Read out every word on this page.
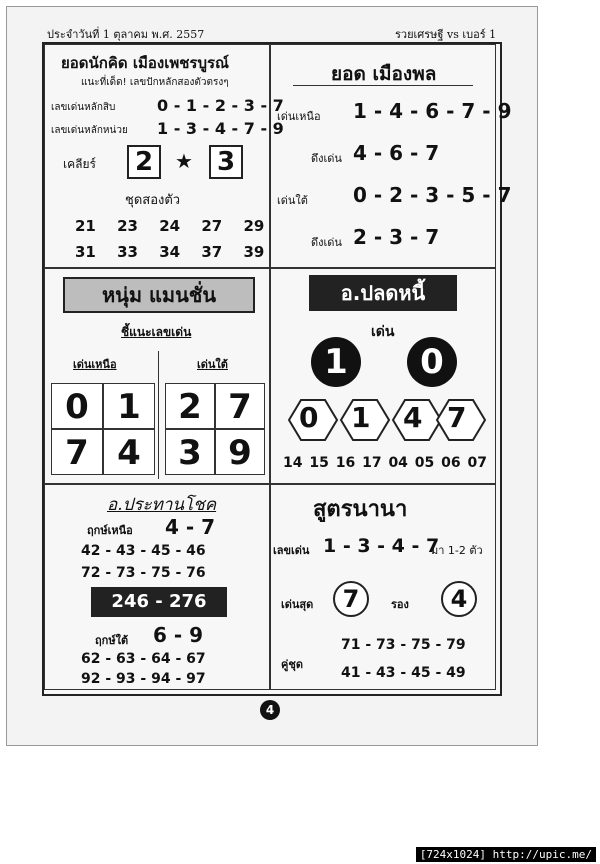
ประจำวันที่ 1 ตุลาคม พ.ศ. 2557	รวยเศรษฐี vs เบอร์ 1
ยอดนักคิด เมืองเพชรบูรณ์
แนะที่เด็ด! เลขปักหลักสองตัวตรงๆ
เลขเด่นหลักสิบ	0 - 1 - 2 - 3 - 7
เลขเด่นหลักหน่วย 1 - 3 - 4 - 7 - 9
เคลียร์	2	★ 3
ชุดสองตัว
21 23 24 27 29
31 33 34 37 39
ยอด เมืองพล
เด่นเหนือ 1 - 4 - 6 - 7 - 9
ดึงเด่น 4 - 6 - 7
เด่นใต้ 0 - 2 - 3 - 5 - 7
ดึงเด่น 2 - 3 - 7
หนุ่ม แมนชั่น
ชี้แนะเลขเด่น
เด่นเหนือ	เด่นใต้
0 1
7 4
2 7
3 9
อ.ปลดหนี้
เด่น
1	0
0 1 4 7
14 15 16 17 04 05 06 07
อ.ประทานโชค
ฤกษ์เหนือ 4 - 7
42 - 43 - 45 - 46
72 - 73 - 75 - 76
246 - 276
ฤกษ์ใต้ 6 - 9
62 - 63 - 64 - 67
92 - 93 - 94 - 97
สูตรนานา
เลขเด่น 1 - 3 - 4 - 7
มา 1-2 ตัว
เด่นสุด	7	รอง	4
คู่ชุด
71 - 73 - 75 - 79
41 - 43 - 45 - 49
4
[724x1024] http://upic.me/
